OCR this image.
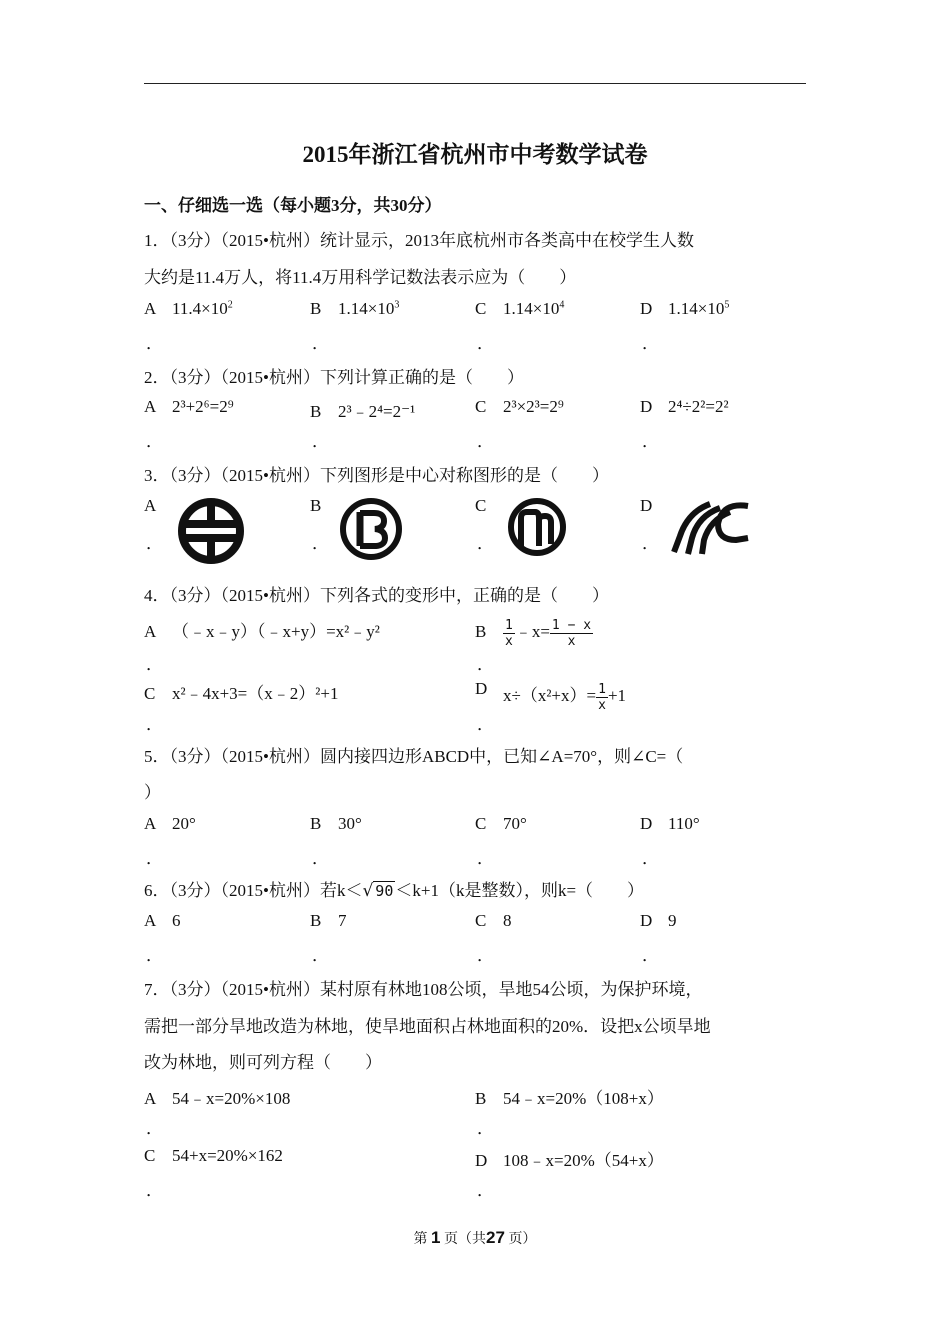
2015年浙江省杭州市中考数学试卷
一、仔细选一选（每小题3分，共30分）
1．（3分）（2015•杭州）统计显示，2013年底杭州市各类高中在校学生人数
大约是11.4万人，将11.4万用科学记数法表示应为（　　）
A $11.4\times 10^2$	B $1.14\times 10^3$	C $1.14\times 10^4$	D $1.14\times 10^5$
．	．	．	．
2．（3分）（2015•杭州）下列计算正确的是（　　）
A 2³+2⁶=2⁹	B 2³﹣2⁴=2⁻¹	C 2³×2³=2⁹	D 2⁴÷2²=2²
．	．	．	．
3．（3分）（2015•杭州）下列图形是中心对称图形的是（　　）
A	B	C	D
．	．	．	．
4．（3分）（2015•杭州）下列各式的变形中，正确的是（　　）
A （﹣x﹣y）（﹣x+y）=x²﹣y²	B $\frac{1}{x}$ ﹣x= $\frac{1 - x}{x}$
．	．
C x²﹣4x+3=（x﹣2）²+1	D $x\div(x^2+x)= \frac{1}{x} +1$
．	．
5．（3分）（2015•杭州）圆内接四边形ABCD中，已知∠A=70°，则∠C=（
）
A 20°	B 30°	C 70°	D 110°
．	．	．	．
6．（3分）（2015•杭州）若k＜√ 90 ＜k+1（k是整数），则k=（　　）
A 6	B 7	C 8	D 9
．	．	．	．
7．（3分）（2015•杭州）某村原有林地108公顷，旱地54公顷，为保护环境，
需把一部分旱地改造为林地，使旱地面积占林地面积的20%．设把x公顷旱地
改为林地，则可列方程（　　）
A 54﹣x=20%×108	B 54﹣x=20%（108+x）
．	．
C 54+x=20%×162	D 108﹣x=20%（54+x）
．	．
第 1 页（共27 页）
